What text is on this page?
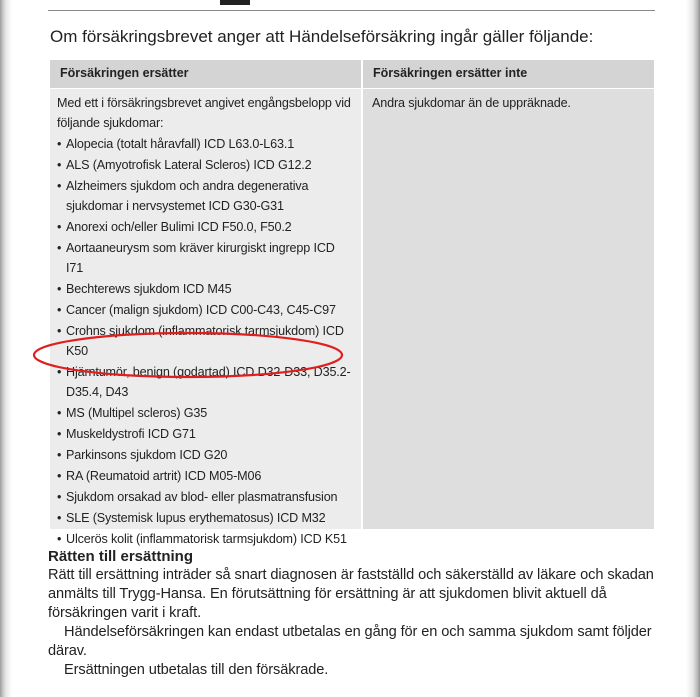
Om försäkringsbrevet anger att Händelseförsäkring ingår gäller följande:
Försäkringen ersätter	Försäkringen ersätter inte

Med ett i försäkringsbrevet angivet engångsbelopp vid följande sjukdomar:

• Alopecia (totalt håravfall) ICD L63.0-L63.1
• ALS (Amyotrofisk Lateral Scleros) ICD G12.2
• Alzheimers sjukdom och andra degenerativa sjukdomar i nervsystemet ICD G30-G31
• Anorexi och/eller Bulimi ICD F50.0, F50.2
• Aortaaneurysm som kräver kirurgiskt ingrepp ICD I71
• Bechterews sjukdom ICD M45
• Cancer (malign sjukdom) ICD C00-C43, C45-C97
• Crohns sjukdom (inflammatorisk tarmsjukdom) ICD K50
• Hjärntumör, benign (godartad) ICD D32-D33, D35.2-D35.4, D43
• MS (Multipel scleros) G35
• Muskeldystrofi ICD G71
• Parkinsons sjukdom ICD G20
• RA (Reumatoid artrit) ICD M05-M06
• Sjukdom orsakad av blod- eller plasmatransfusion
• SLE (Systemisk lupus erythematosus) ICD M32
• Ulcerös kolit (inflammatorisk tarmsjukdom) ICD K51

Andra sjukdomar än de uppräknade.

Rätten till ersättning

Rätt till ersättning inträder så snart diagnosen är fastställd och säkerställd av läkare och skadan anmälts till Trygg-Hansa. En förutsättning för ersättning är att sjukdomen blivit aktuell då försäkringen varit i kraft.

Händelseförsäkringen kan endast utbetalas en gång för en och samma sjukdom samt följder därav.

Ersättningen utbetalas till den försäkrade.
